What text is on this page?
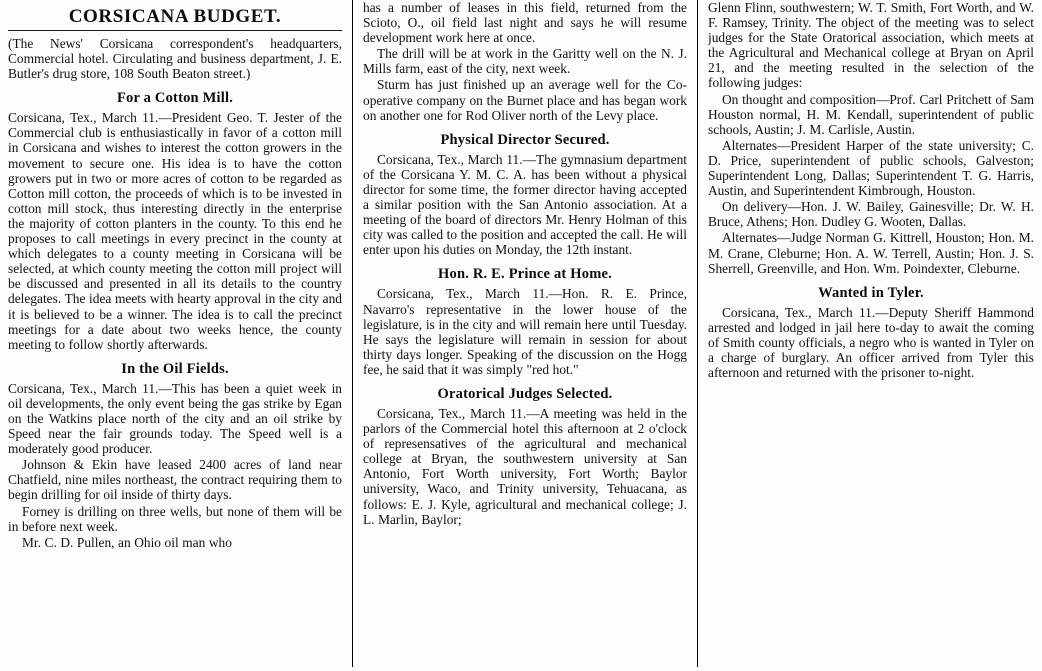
CORSICANA BUDGET.

(The News' Corsicana correspondent's headquarters, Commercial hotel. Circulating and business department, J. E. Butler's drug store, 108 South Beaton street.)

For a Cotton Mill.

Corsicana, Tex., March 11.—President Geo. T. Jester of the Commercial club is enthusiastically in favor of a cotton mill in Corsicana and wishes to interest the cotton growers in the movement to secure one. His idea is to have the cotton growers put in two or more acres of cotton to be regarded as Cotton mill cotton, the proceeds of which is to be invested in cotton mill stock, thus interesting directly in the enterprise the majority of cotton planters in the county. To this end he proposes to call meetings in every precinct in the county at which delegates to a county meeting in Corsicana will be selected, at which county meeting the cotton mill project will be discussed and presented in all its details to the country delegates. The idea meets with hearty approval in the city and it is believed to be a winner. The idea is to call the precinct meetings for a date about two weeks hence, the county meeting to follow shortly afterwards.

In the Oil Fields.

Corsicana, Tex., March 11.—This has been a quiet week in oil developments, the only event being the gas strike by Egan on the Watkins place north of the city and an oil strike by Speed near the fair grounds today. The Speed well is a moderately good producer.

Johnson & Ekin have leased 2400 acres of land near Chatfield, nine miles northeast, the contract requiring them to begin drilling for oil inside of thirty days.

Forney is drilling on three wells, but none of them will be in before next week.

Mr. C. D. Pullen, an Ohio oil man who

has a number of leases in this field, returned from the Scioto, O., oil field last night and says he will resume development work here at once.

The drill will be at work in the Garitty well on the N. J. Mills farm, east of the city, next week.

Sturm has just finished up an average well for the Co-operative company on the Burnet place and has began work on another one for Rod Oliver north of the Levy place.

Physical Director Secured.

Corsicana, Tex., March 11.—The gymnasium department of the Corsicana Y. M. C. A. has been without a physical director for some time, the former director having accepted a similar position with the San Antonio association. At a meeting of the board of directors Mr. Henry Holman of this city was called to the position and accepted the call. He will enter upon his duties on Monday, the 12th instant.

Hon. R. E. Prince at Home.

Corsicana, Tex., March 11.—Hon. R. E. Prince, Navarro's representative in the lower house of the legislature, is in the city and will remain here until Tuesday. He says the legislature will remain in session for about thirty days longer. Speaking of the discussion on the Hogg fee, he said that it was simply "red hot."

Oratorical Judges Selected.

Corsicana, Tex., March 11.—A meeting was held in the parlors of the Commercial hotel this afternoon at 2 o'clock of represensatives of the agricultural and mechanical college at Bryan, the southwestern university at San Antonio, Fort Worth university, Fort Worth; Baylor university, Waco, and Trinity university, Tehuacana, as follows: E. J. Kyle, agricultural and mechanical college; J. L. Marlin, Baylor;

Glenn Flinn, southwestern; W. T. Smith, Fort Worth, and W. F. Ramsey, Trinity. The object of the meeting was to select judges for the State Oratorical association, which meets at the Agricultural and Mechanical college at Bryan on April 21, and the meeting resulted in the selection of the following judges:

On thought and composition—Prof. Carl Pritchett of Sam Houston normal, H. M. Kendall, superintendent of public schools, Austin; J. M. Carlisle, Austin.

Alternates—President Harper of the state university; C. D. Price, superintendent of public schools, Galveston; Superintendent Long, Dallas; Superintendent T. G. Harris, Austin, and Superintendent Kimbrough, Houston.

On delivery—Hon. J. W. Bailey, Gainesville; Dr. W. H. Bruce, Athens; Hon. Dudley G. Wooten, Dallas.

Alternates—Judge Norman G. Kittrell, Houston; Hon. M. M. Crane, Cleburne; Hon. A. W. Terrell, Austin; Hon. J. S. Sherrell, Greenville, and Hon. Wm. Poindexter, Cleburne.

Wanted in Tyler.

Corsicana, Tex., March 11.—Deputy Sheriff Hammond arrested and lodged in jail here to-day to await the coming of Smith county officials, a negro who is wanted in Tyler on a charge of burglary. An officer arrived from Tyler this afternoon and returned with the prisoner to-night.
